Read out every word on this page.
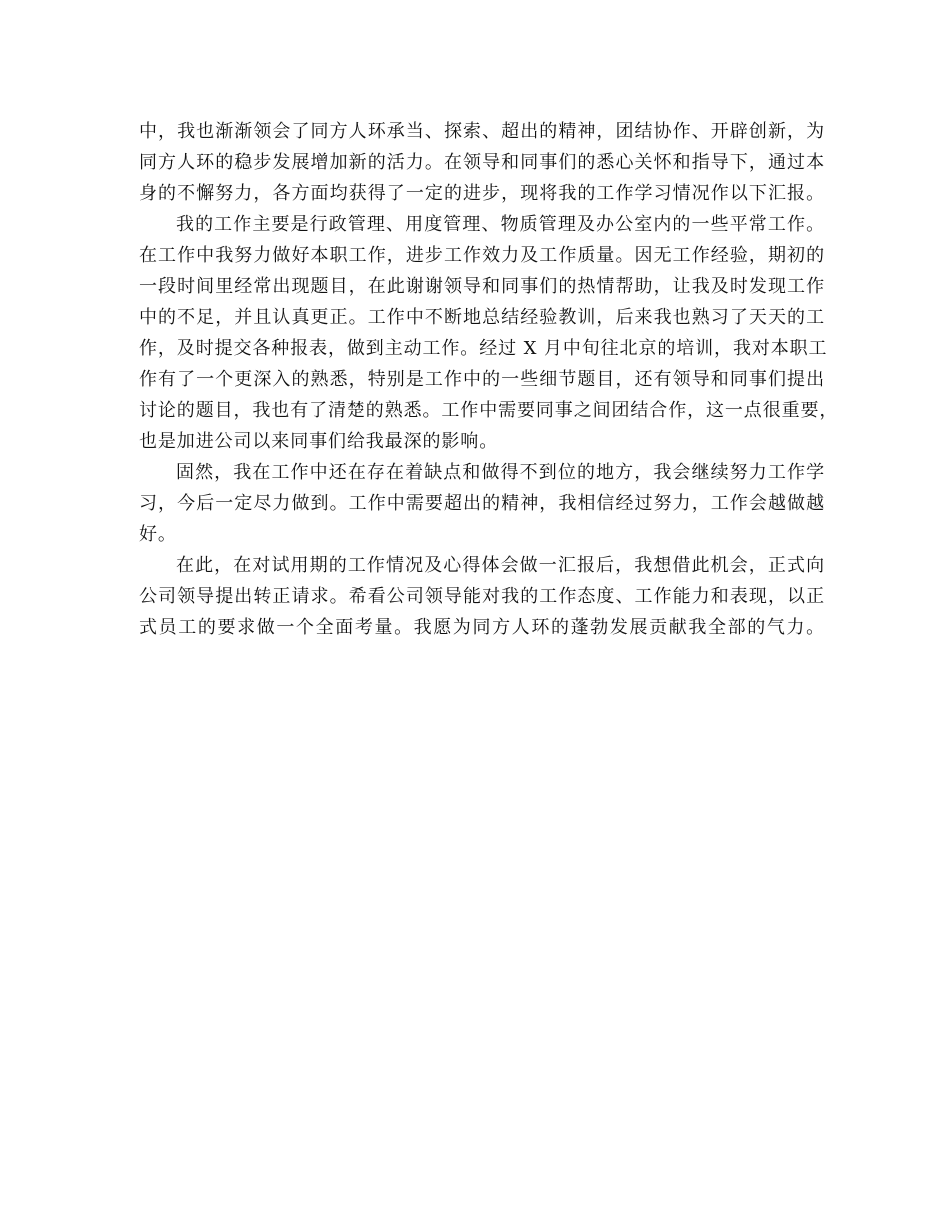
中，我也渐渐领会了同方人环承当、探索、超出的精神，团结协作、开辟创新，为
同方人环的稳步发展增加新的活力。在领导和同事们的悉心关怀和指导下，通过本
身的不懈努力，各方面均获得了一定的进步，现将我的工作学习情况作以下汇报。
我的工作主要是行政管理、用度管理、物质管理及办公室内的一些平常工作。
在工作中我努力做好本职工作，进步工作效力及工作质量。因无工作经验，期初的
一段时间里经常出现题目，在此谢谢领导和同事们的热情帮助，让我及时发现工作
中的不足，并且认真更正。工作中不断地总结经验教训，后来我也熟习了天天的工
作，及时提交各种报表，做到主动工作。经过 X 月中旬往北京的培训，我对本职工
作有了一个更深入的熟悉，特别是工作中的一些细节题目，还有领导和同事们提出
讨论的题目，我也有了清楚的熟悉。工作中需要同事之间团结合作，这一点很重要，
也是加进公司以来同事们给我最深的影响。
固然，我在工作中还在存在着缺点和做得不到位的地方，我会继续努力工作学
习，今后一定尽力做到。工作中需要超出的精神，我相信经过努力，工作会越做越
好。
在此，在对试用期的工作情况及心得体会做一汇报后，我想借此机会，正式向
公司领导提出转正请求。希看公司领导能对我的工作态度、工作能力和表现，以正
式员工的要求做一个全面考量。我愿为同方人环的蓬勃发展贡献我全部的气力。
